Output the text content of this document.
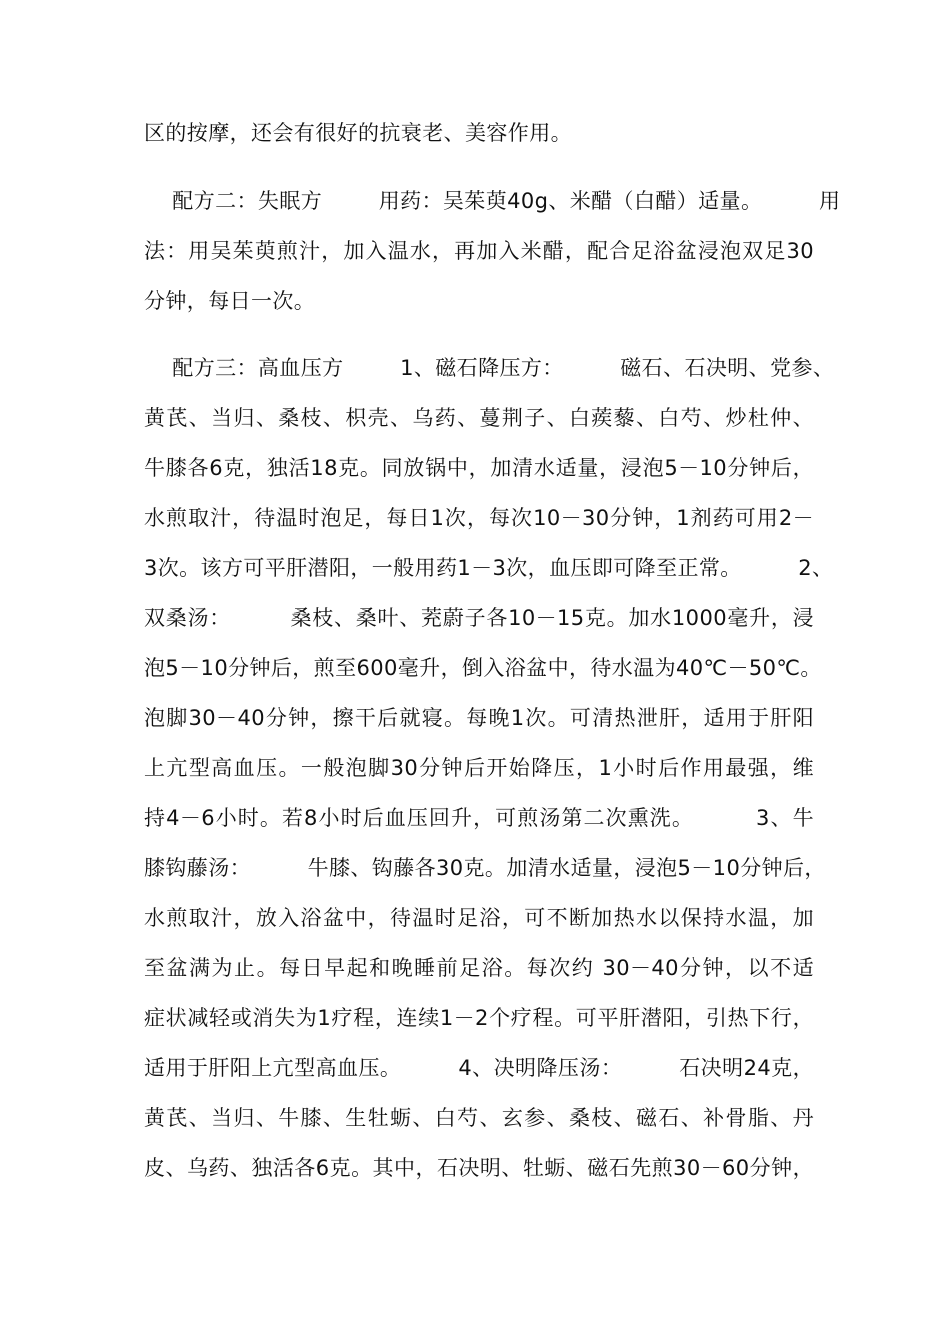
区的按摩，还会有很好的抗衰老、美容作用。
配方二：失眠方        用药：吴茱萸40g、米醋（白醋）适量。        用
法：用吴茱萸煎汁，加入温水，再加入米醋，配合足浴盆浸泡双足30
分钟，每日一次。
配方三：高血压方        1、磁石降压方：        磁石、石决明、党参、
黄芪、当归、桑枝、枳壳、乌药、蔓荆子、白蒺藜、白芍、炒杜仲、
牛膝各6克，独活18克。同放锅中，加清水适量，浸泡5－10分钟后，
水煎取汁，待温时泡足，每日1次，每次10－30分钟，1剂药可用2－
3次。该方可平肝潜阳，一般用药1－3次，血压即可降至正常。        2、
双桑汤：        桑枝、桑叶、茺蔚子各10－15克。加水1000毫升，浸
泡5－10分钟后，煎至600毫升，倒入浴盆中，待水温为40℃－50℃。
泡脚30－40分钟，擦干后就寝。每晚1次。可清热泄肝，适用于肝阳
上亢型高血压。一般泡脚30分钟后开始降压，1小时后作用最强，维
持4－6小时。若8小时后血压回升，可煎汤第二次熏洗。        3、牛
膝钩藤汤：        牛膝、钩藤各30克。加清水适量，浸泡5－10分钟后，
水煎取汁，放入浴盆中，待温时足浴，可不断加热水以保持水温，加
至盆满为止。每日早起和晚睡前足浴。每次约 30－40分钟，以不适
症状减轻或消失为1疗程，连续1－2个疗程。可平肝潜阳，引热下行，
适用于肝阳上亢型高血压。        4、决明降压汤：        石决明24克，
黄芪、当归、牛膝、生牡蛎、白芍、玄参、桑枝、磁石、补骨脂、丹
皮、乌药、独活各6克。其中，石决明、牡蛎、磁石先煎30－60分钟，
